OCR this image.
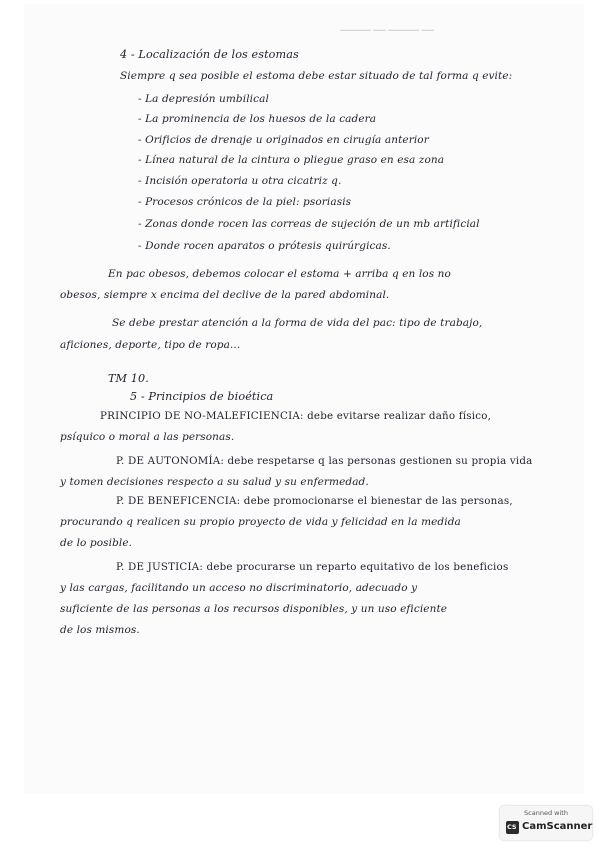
▁▁▁▁▁ ▁▁ ▁▁▁▁▁ ▁▁
4 - Localización de los estomas
Siempre q sea posible el estoma debe estar situado de tal forma q evite:
- La depresión umbilical
- La prominencia de los huesos de la cadera
- Orificios de drenaje u originados en cirugía anterior
- Línea natural de la cintura o pliegue graso en esa zona
- Incisión operatoria u otra cicatriz q.
- Procesos crónicos de la piel: psoriasis
- Zonas donde rocen las correas de sujeción de un mb artificial
- Donde rocen aparatos o prótesis quirúrgicas.
En pac obesos, debemos colocar el estoma + arriba q en los no
obesos, siempre x encima del declive de la pared abdominal.
Se debe prestar atención a la forma de vida del pac: tipo de trabajo,
aficiones, deporte, tipo de ropa...
TM 10.
5 - Principios de bioética
PRINCIPIO DE NO-MALEFICIENCIA: debe evitarse realizar daño físico,
psíquico o moral a las personas.
P. DE AUTONOMÍA: debe respetarse q las personas gestionen su propia vida
y tomen decisiones respecto a su salud y su enfermedad.
P. DE BENEFICENCIA: debe promocionarse el bienestar de las personas,
procurando q realicen su propio proyecto de vida y felicidad en la medida
de lo posible.
P. DE JUSTICIA: debe procurarse un reparto equitativo de los beneficios
y las cargas, facilitando un acceso no discriminatorio, adecuado y
suficiente de las personas a los recursos disponibles, y un uso eficiente
de los mismos.
Scanned with
CS
CamScanner
